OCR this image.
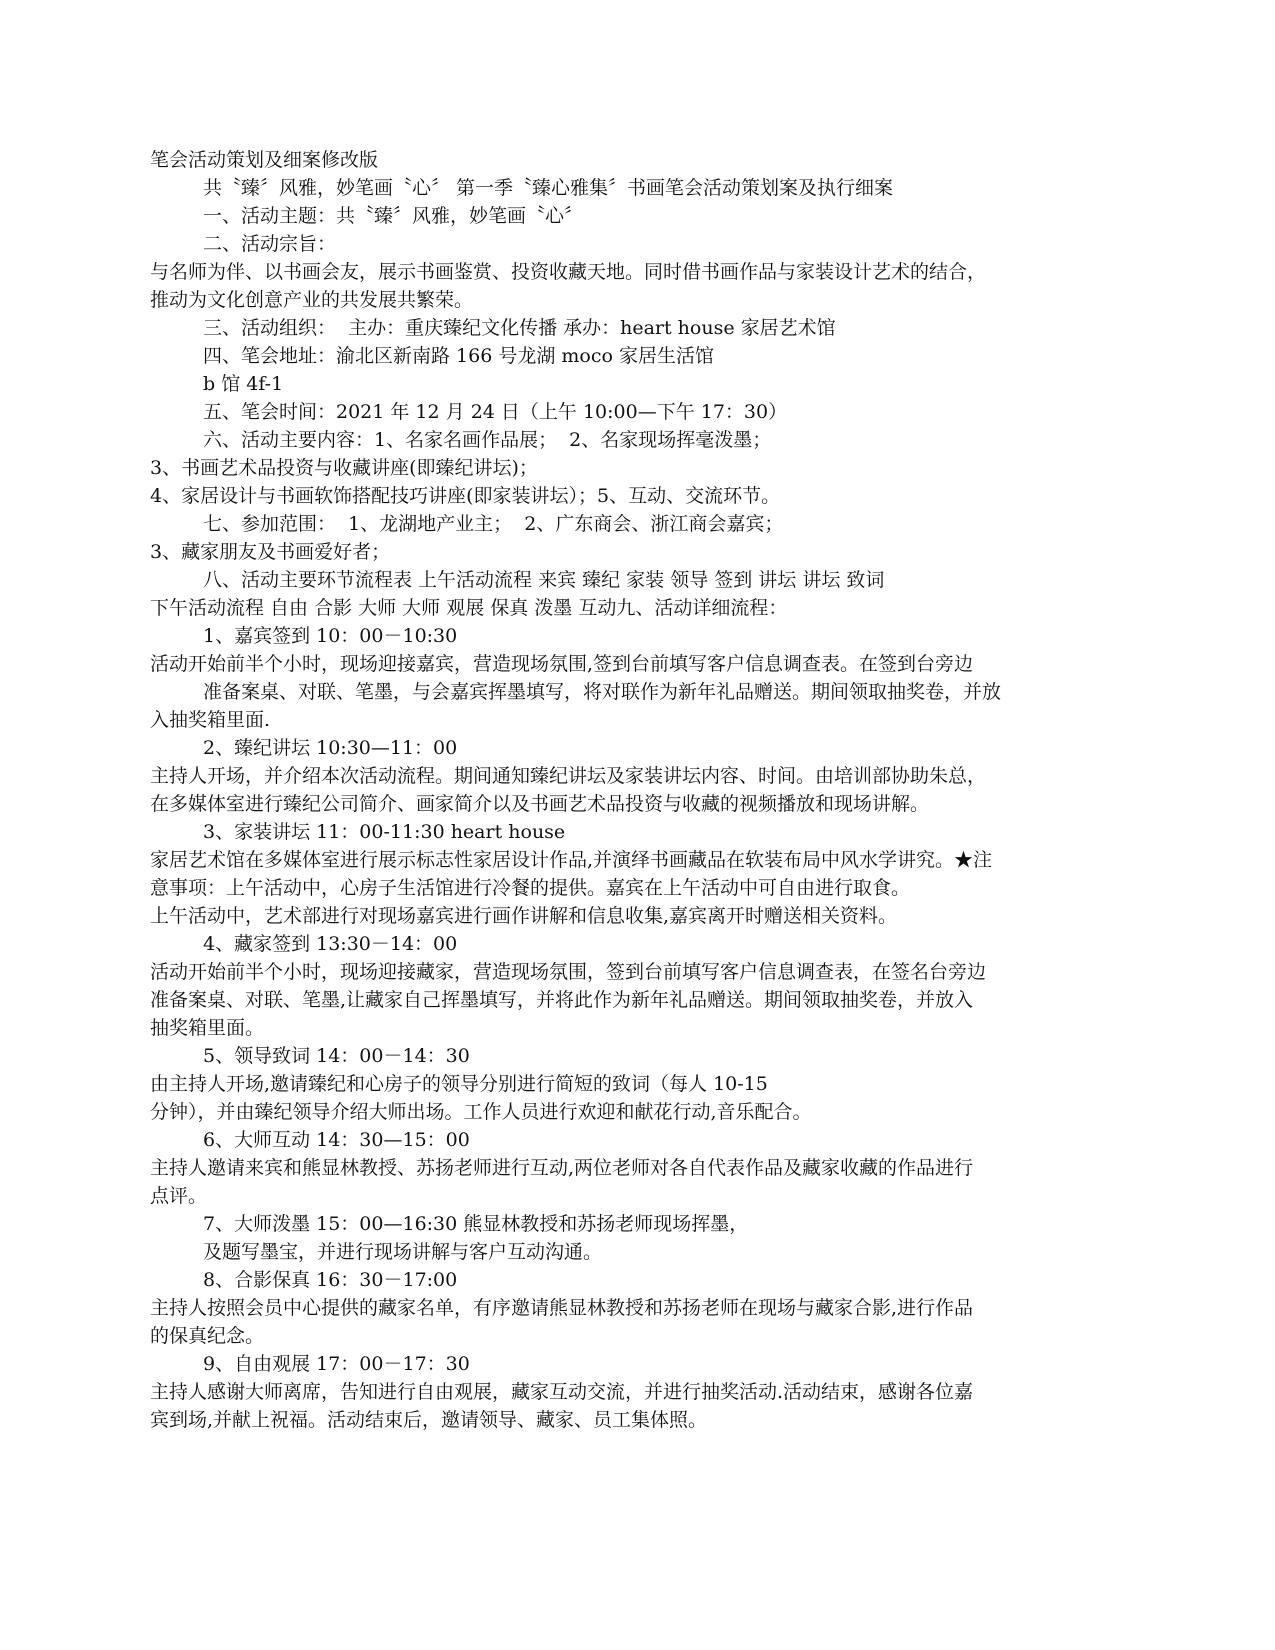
笔会活动策划及细案修改版
共〝臻〞风雅，妙笔画〝心〞 第一季〝臻心雅集〞书画笔会活动策划案及执行细案
一、活动主题：共〝臻〞风雅，妙笔画〝心〞
二、活动宗旨：
与名师为伴、以书画会友，展示书画鉴赏、投资收藏天地。同时借书画作品与家装设计艺术的结合，
推动为文化创意产业的共发展共繁荣。
三、活动组织：  主办：重庆臻纪文化传播 承办：heart house 家居艺术馆
四、笔会地址：渝北区新南路 166 号龙湖 moco 家居生活馆
b 馆 4f-1
五、笔会时间：2021 年 12 月 24 日（上午 10:00—下午 17：30）
六、活动主要内容：1、名家名画作品展；  2、名家现场挥毫泼墨；
3、书画艺术品投资与收藏讲座(即臻纪讲坛)；
4、家居设计与书画软饰搭配技巧讲座(即家装讲坛）；5、互动、交流环节。
七、参加范围：  1、龙湖地产业主；  2、广东商会、浙江商会嘉宾；
3、藏家朋友及书画爱好者；
八、活动主要环节流程表 上午活动流程 来宾 臻纪 家装 领导 签到 讲坛 讲坛 致词
下午活动流程 自由 合影 大师 大师 观展 保真 泼墨 互动九、活动详细流程：
1、嘉宾签到 10：00－10:30
活动开始前半个小时，现场迎接嘉宾，营造现场氛围,签到台前填写客户信息调查表。在签到台旁边
准备案桌、对联、笔墨，与会嘉宾挥墨填写，将对联作为新年礼品赠送。期间领取抽奖卷，并放
入抽奖箱里面.
2、臻纪讲坛 10:30—11：00
主持人开场，并介绍本次活动流程。期间通知臻纪讲坛及家装讲坛内容、时间。由培训部协助朱总，
在多媒体室进行臻纪公司简介、画家简介以及书画艺术品投资与收藏的视频播放和现场讲解。
3、家装讲坛 11：00-11:30 heart house
家居艺术馆在多媒体室进行展示标志性家居设计作品,并演绎书画藏品在软装布局中风水学讲究。★注
意事项：上午活动中，心房子生活馆进行冷餐的提供。嘉宾在上午活动中可自由进行取食。
上午活动中，艺术部进行对现场嘉宾进行画作讲解和信息收集,嘉宾离开时赠送相关资料。
4、藏家签到 13:30－14：00
活动开始前半个小时，现场迎接藏家，营造现场氛围，签到台前填写客户信息调查表，在签名台旁边
准备案桌、对联、笔墨,让藏家自己挥墨填写，并将此作为新年礼品赠送。期间领取抽奖卷，并放入
抽奖箱里面。
5、领导致词 14：00－14：30
由主持人开场,邀请臻纪和心房子的领导分别进行简短的致词（每人 10-15
分钟），并由臻纪领导介绍大师出场。工作人员进行欢迎和献花行动,音乐配合。
6、大师互动 14：30—15：00
主持人邀请来宾和熊显林教授、苏扬老师进行互动,两位老师对各自代表作品及藏家收藏的作品进行
点评。
7、大师泼墨 15：00—16:30 熊显林教授和苏扬老师现场挥墨，
及题写墨宝，并进行现场讲解与客户互动沟通。
8、合影保真 16：30－17:00
主持人按照会员中心提供的藏家名单，有序邀请熊显林教授和苏扬老师在现场与藏家合影,进行作品
的保真纪念。
9、自由观展 17：00－17：30
主持人感谢大师离席，告知进行自由观展，藏家互动交流，并进行抽奖活动.活动结束，感谢各位嘉
宾到场,并献上祝福。活动结束后，邀请领导、藏家、员工集体照。
